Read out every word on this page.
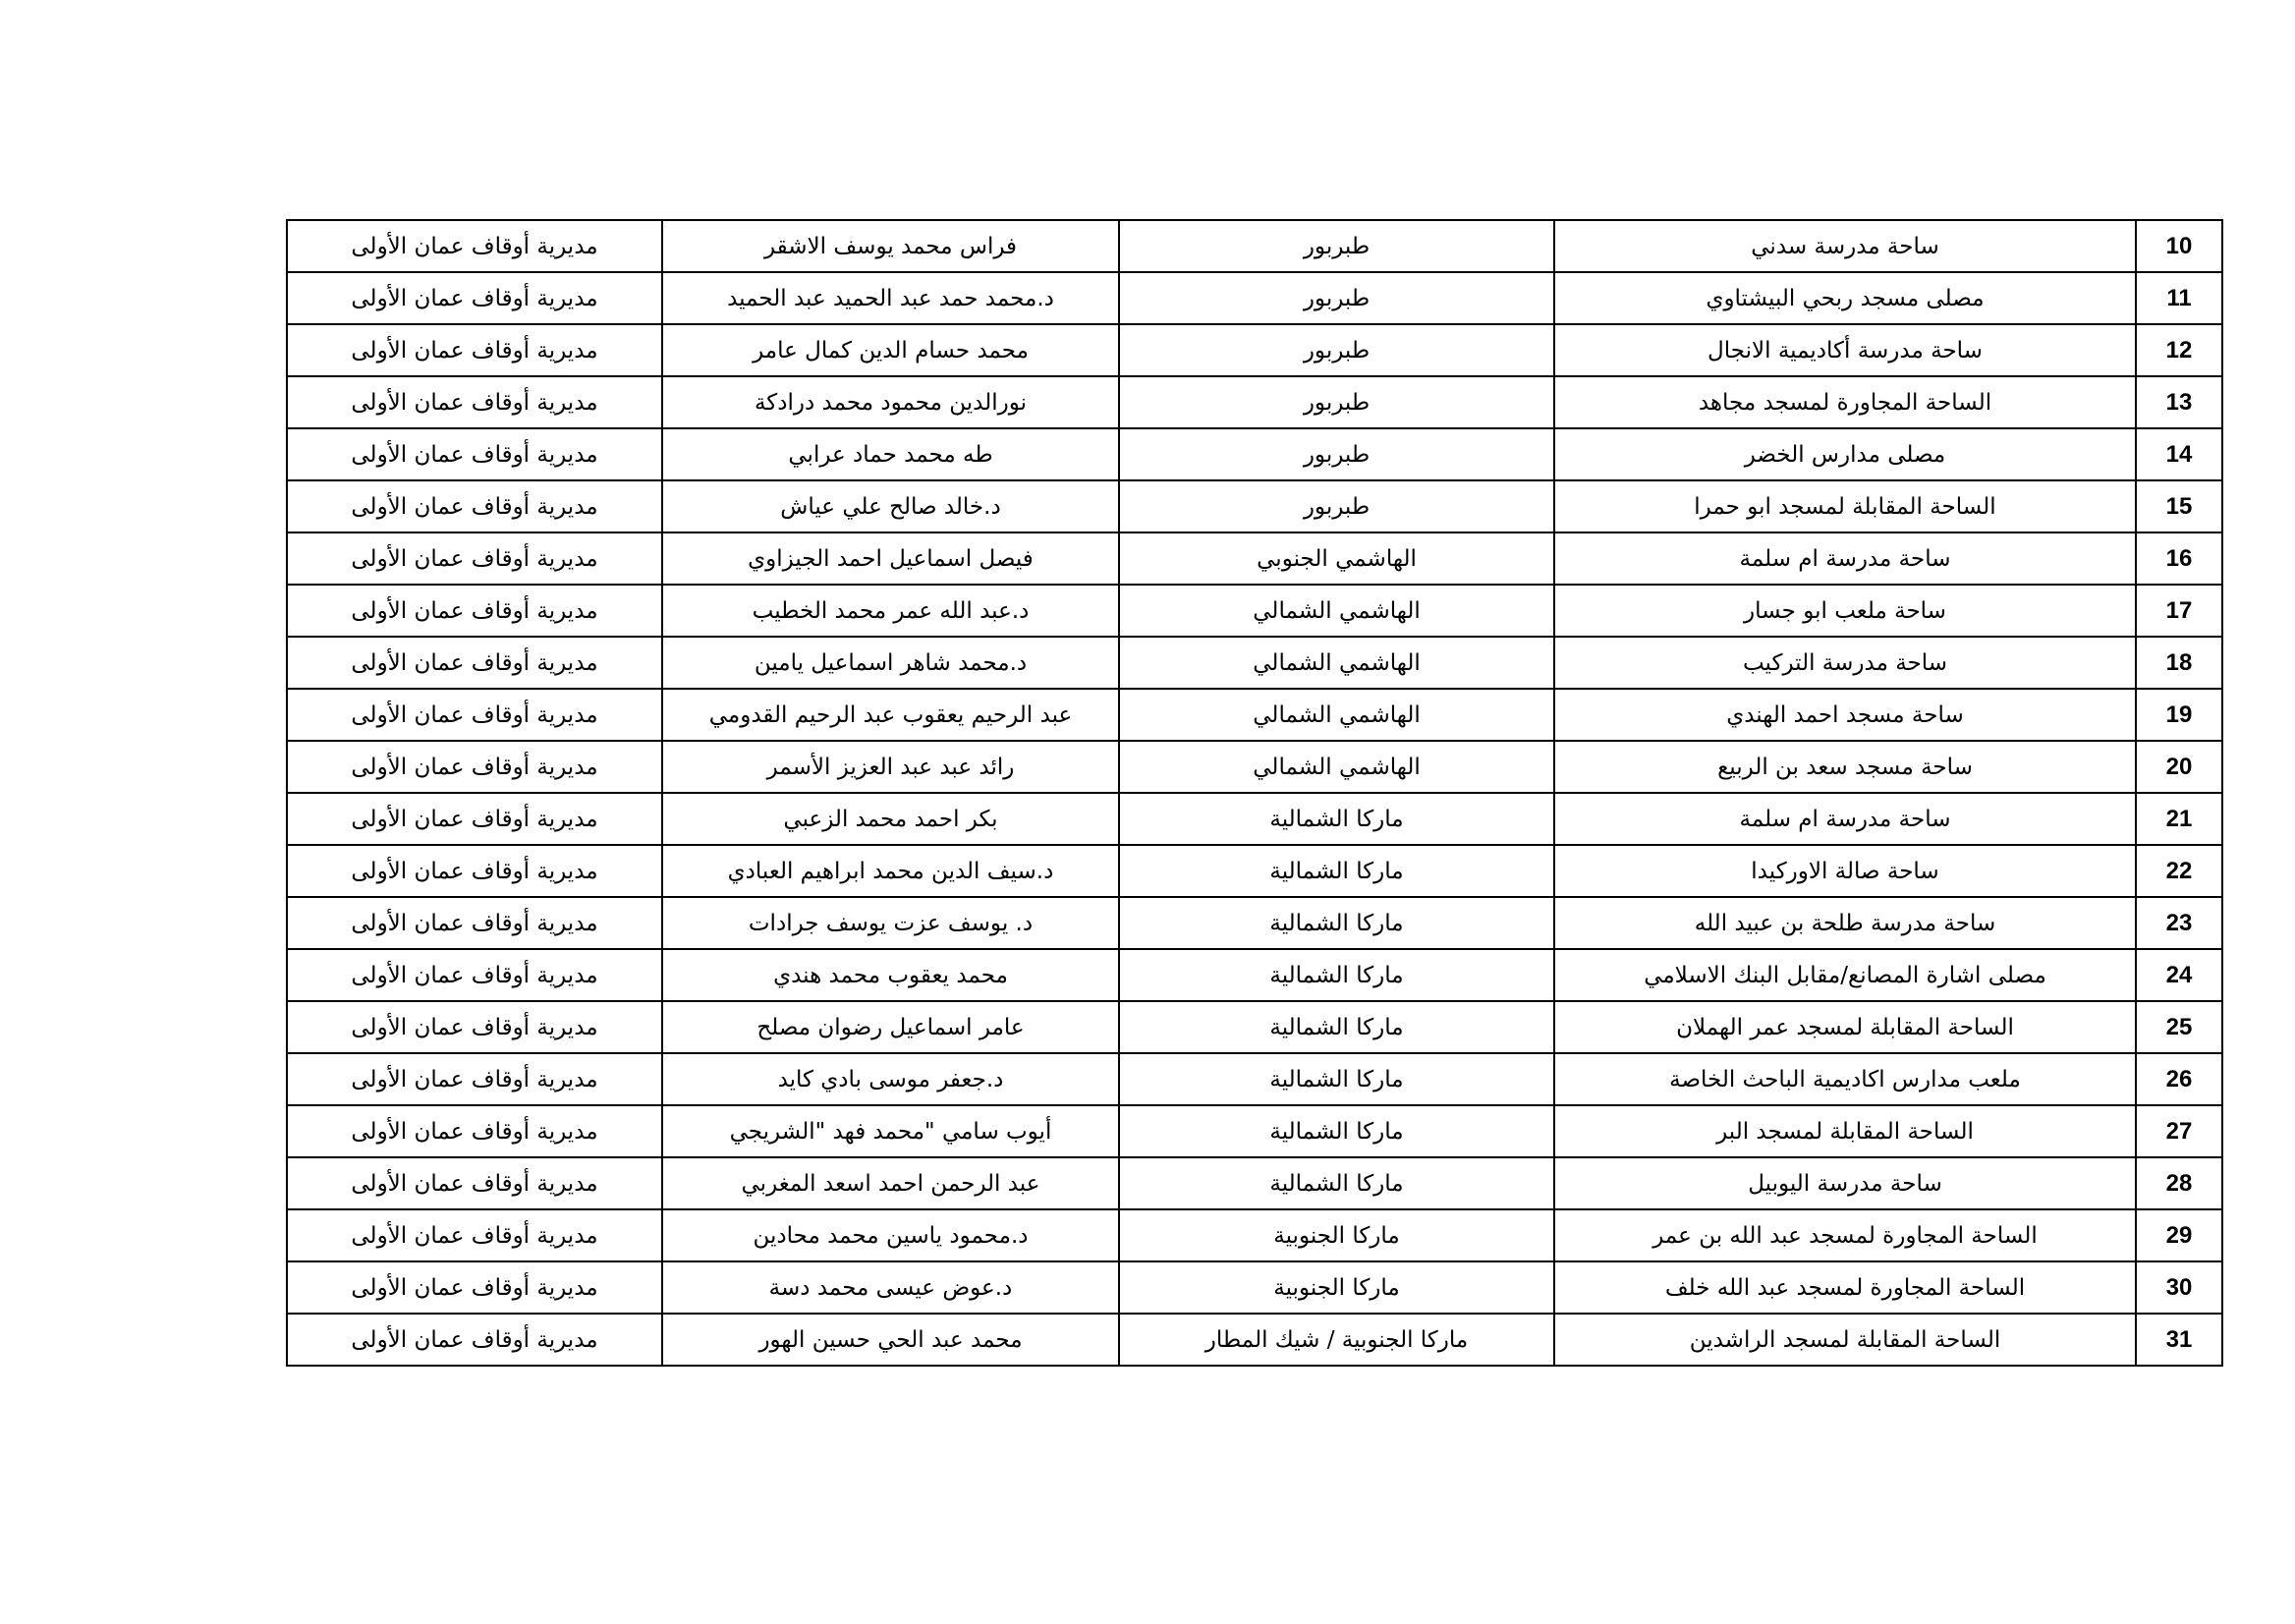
10	ساحة مدرسة سدني	طبربور	فراس محمد يوسف الاشقر	مديرية أوقاف عمان الأولى
11	مصلى مسجد ربحي البيشتاوي	طبربور	د.محمد حمد عبد الحميد عبد الحميد	مديرية أوقاف عمان الأولى
12	ساحة مدرسة أكاديمية الانجال	طبربور	محمد حسام الدين كمال عامر	مديرية أوقاف عمان الأولى
13	الساحة المجاورة لمسجد مجاهد	طبربور	نورالدين محمود محمد درادكة	مديرية أوقاف عمان الأولى
14	مصلى مدارس الخضر	طبربور	طه محمد حماد عرابي	مديرية أوقاف عمان الأولى
15	الساحة المقابلة لمسجد ابو حمرا	طبربور	د.خالد صالح علي عياش	مديرية أوقاف عمان الأولى
16	ساحة مدرسة ام سلمة	الهاشمي الجنوبي	فيصل اسماعيل احمد الجيزاوي	مديرية أوقاف عمان الأولى
17	ساحة ملعب ابو جسار	الهاشمي الشمالي	د.عبد الله عمر محمد الخطيب	مديرية أوقاف عمان الأولى
18	ساحة مدرسة التركيب	الهاشمي الشمالي	د.محمد شاهر اسماعيل يامين	مديرية أوقاف عمان الأولى
19	ساحة مسجد احمد الهندي	الهاشمي الشمالي	عبد الرحيم يعقوب عبد الرحيم القدومي	مديرية أوقاف عمان الأولى
20	ساحة مسجد سعد بن الربيع	الهاشمي الشمالي	رائد عبد عبد العزيز الأسمر	مديرية أوقاف عمان الأولى
21	ساحة مدرسة ام سلمة	ماركا الشمالية	بكر احمد محمد الزعبي	مديرية أوقاف عمان الأولى
22	ساحة صالة الاوركيدا	ماركا الشمالية	د.سيف الدين محمد ابراهيم العبادي	مديرية أوقاف عمان الأولى
23	ساحة مدرسة طلحة بن عبيد الله	ماركا الشمالية	د. يوسف عزت يوسف جرادات	مديرية أوقاف عمان الأولى
24	مصلى اشارة المصانع/مقابل البنك الاسلامي	ماركا الشمالية	محمد يعقوب محمد هندي	مديرية أوقاف عمان الأولى
25	الساحة المقابلة لمسجد عمر الهملان	ماركا الشمالية	عامر اسماعيل رضوان مصلح	مديرية أوقاف عمان الأولى
26	ملعب مدارس اكاديمية الباحث الخاصة	ماركا الشمالية	د.جعفر موسى بادي كايد	مديرية أوقاف عمان الأولى
27	الساحة المقابلة لمسجد البر	ماركا الشمالية	أيوب سامي "محمد فهد "الشريجي	مديرية أوقاف عمان الأولى
28	ساحة مدرسة اليوبيل	ماركا الشمالية	عبد الرحمن احمد اسعد المغربي	مديرية أوقاف عمان الأولى
29	الساحة المجاورة لمسجد عبد الله بن عمر	ماركا الجنوبية	د.محمود ياسين محمد محادين	مديرية أوقاف عمان الأولى
30	الساحة المجاورة لمسجد عبد الله خلف	ماركا الجنوبية	د.عوض عيسى محمد دسة	مديرية أوقاف عمان الأولى
31	الساحة المقابلة لمسجد الراشدين	ماركا الجنوبية / شيك المطار	محمد عبد الحي حسين الهور	مديرية أوقاف عمان الأولى
